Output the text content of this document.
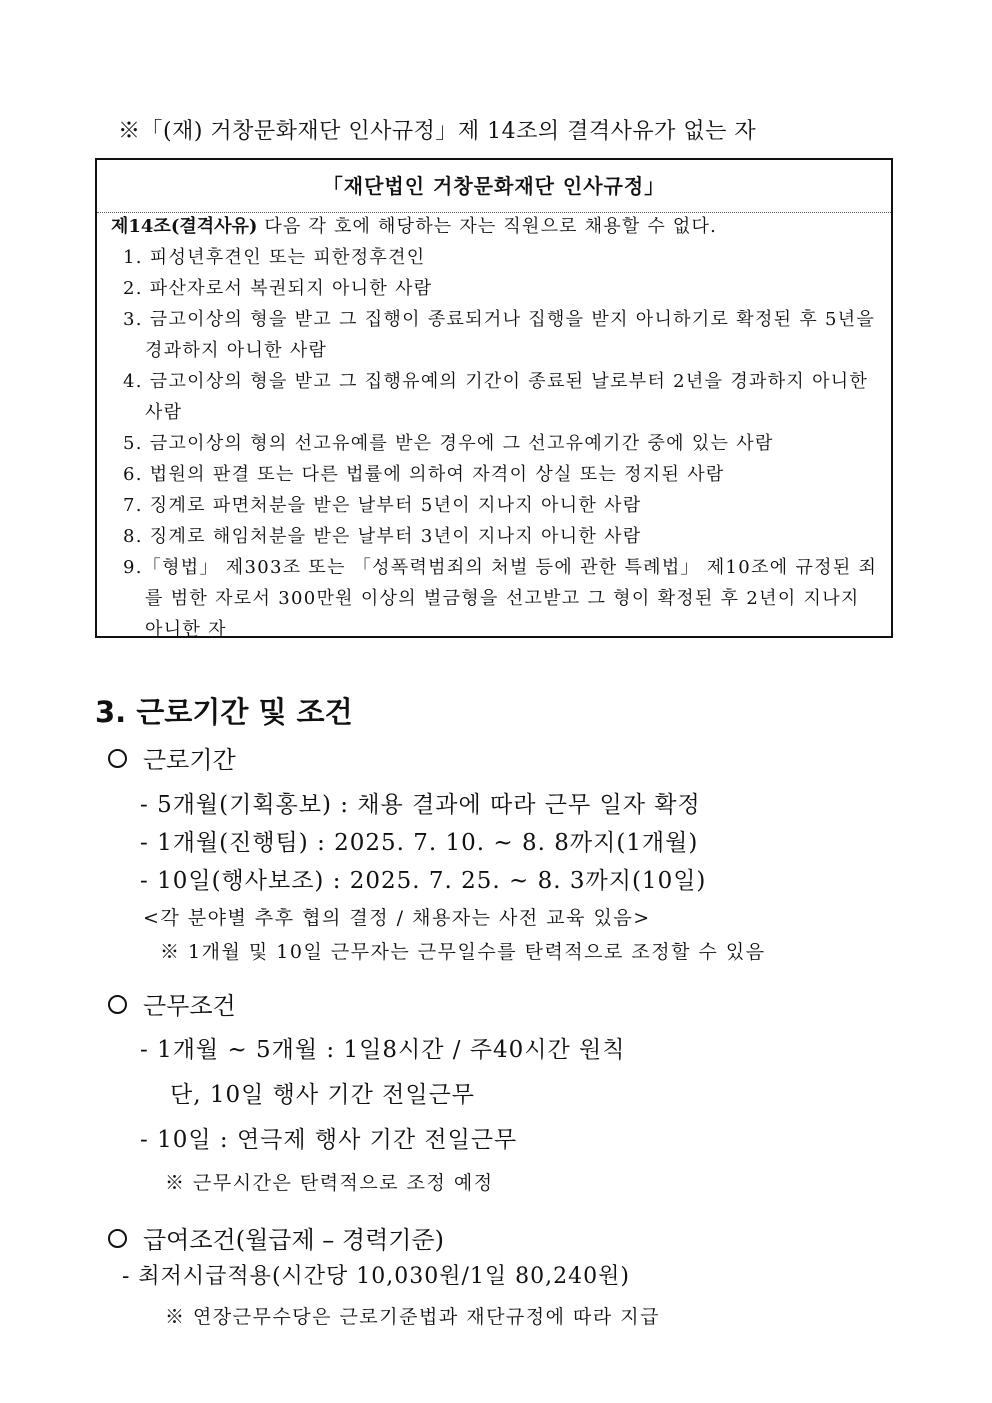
※「(재) 거창문화재단 인사규정」제 14조의 결격사유가 없는 자
「재단법인 거창문화재단 인사규정」
제14조(결격사유) 다음 각 호에 해당하는 자는 직원으로 채용할 수 없다.
1. 피성년후견인 또는 피한정후견인
2. 파산자로서 복권되지 아니한 사람
3. 금고이상의 형을 받고 그 집행이 종료되거나 집행을 받지 아니하기로 확정된 후 5년을 경과하지 아니한 사람
4. 금고이상의 형을 받고 그 집행유예의 기간이 종료된 날로부터 2년을 경과하지 아니한 사람
5. 금고이상의 형의 선고유예를 받은 경우에 그 선고유예기간 중에 있는 사람
6. 법원의 판결 또는 다른 법률에 의하여 자격이 상실 또는 정지된 사람
7. 징계로 파면처분을 받은 날부터 5년이 지나지 아니한 사람
8. 징계로 해임처분을 받은 날부터 3년이 지나지 아니한 사람
9.「형법」 제303조 또는 「성폭력범죄의 처벌 등에 관한 특례법」 제10조에 규정된 죄를 범한 자로서 300만원 이상의 벌금형을 선고받고 그 형이 확정된 후 2년이 지나지 아니한 자
3. 근로기간 및 조건
근로기간
- 5개월(기획홍보) : 채용 결과에 따라 근무 일자 확정
- 1개월(진행팀) : 2025. 7. 10. ~ 8. 8까지(1개월)
- 10일(행사보조) : 2025. 7. 25. ~ 8. 3까지(10일)
<각 분야별 추후 협의 결정 / 채용자는 사전 교육 있음>
※ 1개월 및 10일 근무자는 근무일수를 탄력적으로 조정할 수 있음
근무조건
- 1개월 ~ 5개월 : 1일8시간 / 주40시간 원칙
단, 10일 행사 기간 전일근무
- 10일 : 연극제 행사 기간 전일근무
※ 근무시간은 탄력적으로 조정 예정
급여조건(월급제 – 경력기준)
- 최저시급적용(시간당 10,030원/1일 80,240원)
※ 연장근무수당은 근로기준법과 재단규정에 따라 지급
